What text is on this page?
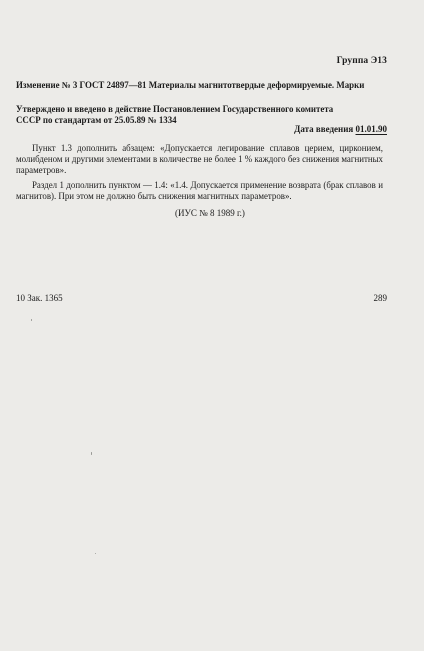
Группа Э13
Изменение № 3 ГОСТ 24897—81 Материалы магнитотвердые деформируемые. Марки
Утверждено и введено в действие Постановлением Государственного комитета
СССР по стандартам от 25.05.89 № 1334
Дата введения 01.01.90
Пункт 1.3 дополнить абзацем: «Допускается легирование сплавов церием, цирконием, молибденом и другими элементами в количестве не более 1 % каждого без снижения магнитных параметров».
Раздел 1 дополнить пунктом — 1.4: «1.4. Допускается применение возврата (брак сплавов и магнитов). При этом не должно быть снижения магнитных параметров».
(ИУС № 8 1989 г.)
10 Зак. 1365	289
